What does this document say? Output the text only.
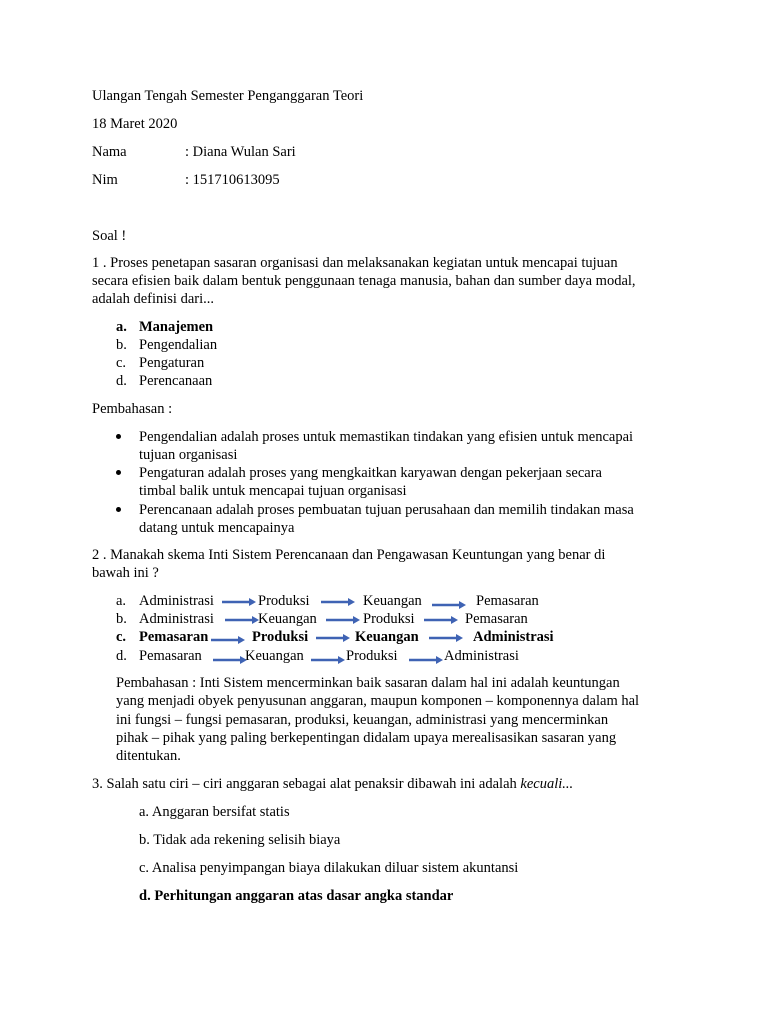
Ulangan Tengah Semester Penganggaran Teori
18 Maret 2020
Nama	: Diana Wulan Sari
Nim	: 151710613095
Soal !
1 . Proses penetapan sasaran organisasi dan melaksanakan kegiatan untuk mencapai tujuan
secara efisien baik dalam bentuk penggunaan tenaga manusia, bahan dan sumber daya modal,
adalah definisi dari...
a. Manajemen
b. Pengendalian
c. Pengaturan
d. Perencanaan
Pembahasan :
Pengendalian adalah proses untuk memastikan tindakan yang efisien untuk mencapai
tujuan organisasi
Pengaturan adalah proses yang mengkaitkan karyawan dengan pekerjaan secara
timbal balik untuk mencapai tujuan organisasi
Perencanaan adalah proses pembuatan tujuan perusahaan dan memilih tindakan masa
datang untuk mencapainya
2 . Manakah skema Inti Sistem Perencanaan dan Pengawasan Keuntungan yang benar di
bawah ini ?
a. Administrasi	Produksi	Keuangan	Pemasaran
b. Administrasi	Keuangan	Produksi	Pemasaran
c. Pemasaran	Produksi	Keuangan	Administrasi
d. Pemasaran	Keuangan	Produksi	Administrasi
Pembahasan : Inti Sistem mencerminkan baik sasaran dalam hal ini adalah keuntungan
yang menjadi obyek penyusunan anggaran, maupun komponen – komponennya dalam hal
ini fungsi – fungsi pemasaran, produksi, keuangan, administrasi yang mencerminkan
pihak – pihak yang paling berkepentingan didalam upaya merealisasikan sasaran yang
ditentukan.
3. Salah satu ciri – ciri anggaran sebagai alat penaksir dibawah ini adalah kecuali...
a. Anggaran bersifat statis
b. Tidak ada rekening selisih biaya
c. Analisa penyimpangan biaya dilakukan diluar sistem akuntansi
d. Perhitungan anggaran atas dasar angka standar
